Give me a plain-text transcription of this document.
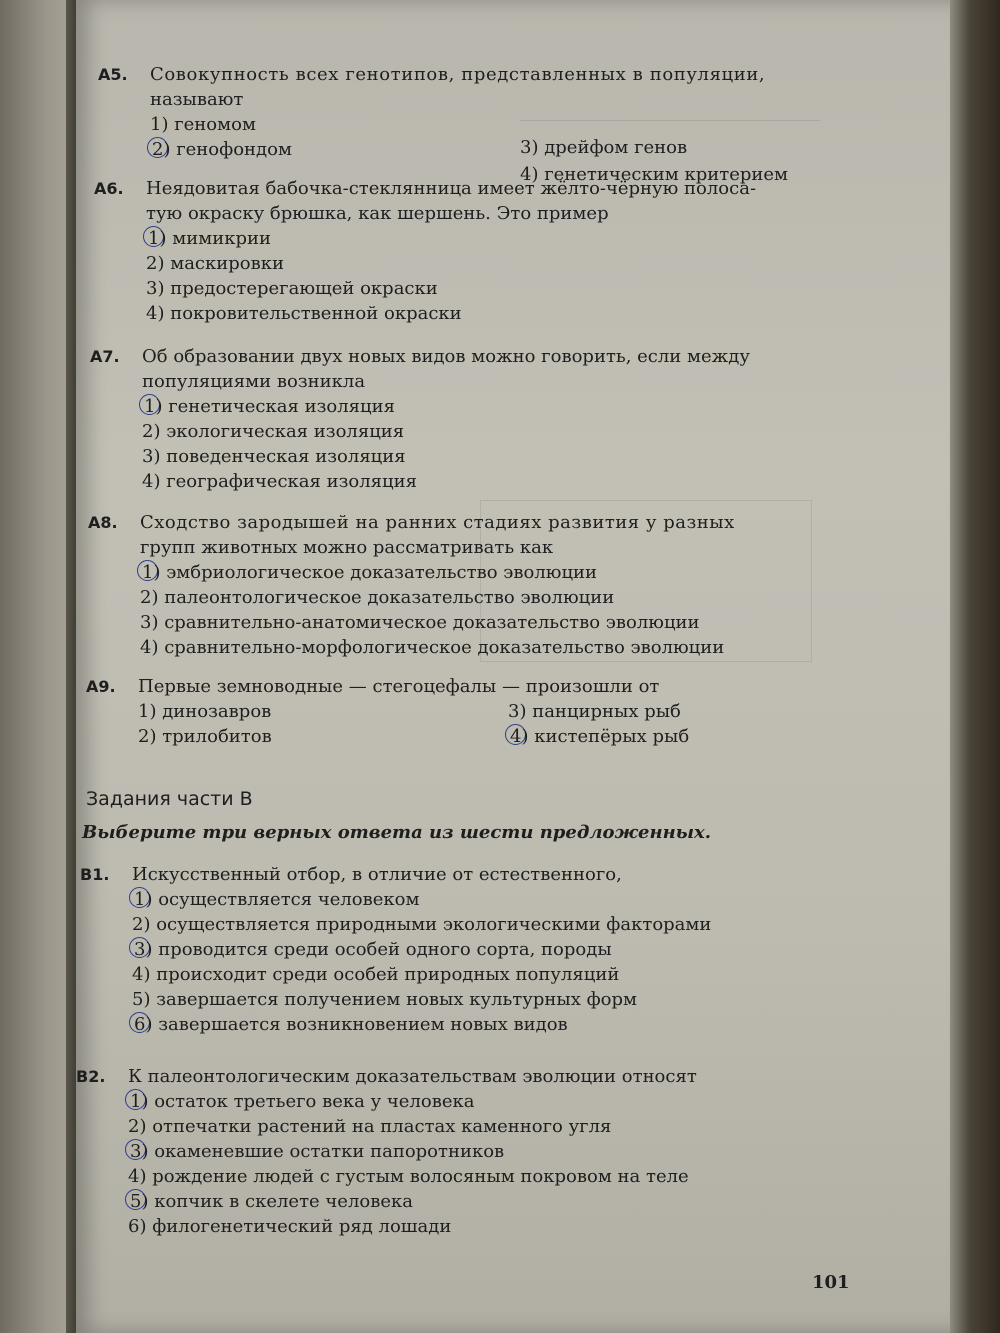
A5. Совокупность всех генотипов, представленных в популяции,
называют
1) геномом
2) генофондом	3) дрейфом генов
4) генетическим критерием
А6. Неядовитая бабочка-стеклянница имеет жёлто-чёрную полоса-
тую окраску брюшка, как шершень. Это пример
1) мимикрии
2) маскировки
3) предостерегающей окраски
4) покровительственной окраски
А7. Об образовании двух новых видов можно говорить, если между
популяциями возникла
1) генетическая изоляция
2) экологическая изоляция
3) поведенческая изоляция
4) географическая изоляция
А8. Сходство зародышей на ранних стадиях развития у разных
групп животных можно рассматривать как
1) эмбриологическое доказательство эволюции
2) палеонтологическое доказательство эволюции
3) сравнительно-анатомическое доказательство эволюции
4) сравнительно-морфологическое доказательство эволюции
А9. Первые земноводные — стегоцефалы — произошли от
1) динозавров	3) панцирных рыб
2) трилобитов	4) кистепёрых рыб
Задания части В
Выберите три верных ответа из шести предложенных.
В1. Искусственный отбор, в отличие от естественного,
1) осуществляется человеком
2) осуществляется природными экологическими факторами
3) проводится среди особей одного сорта, породы
4) происходит среди особей природных популяций
5) завершается получением новых культурных форм
6) завершается возникновением новых видов
В2. К палеонтологическим доказательствам эволюции относят
1) остаток третьего века у человека
2) отпечатки растений на пластах каменного угля
3) окаменевшие остатки папоротников
4) рождение людей с густым волосяным покровом на теле
5) копчик в скелете человека
6) филогенетический ряд лошади
101
